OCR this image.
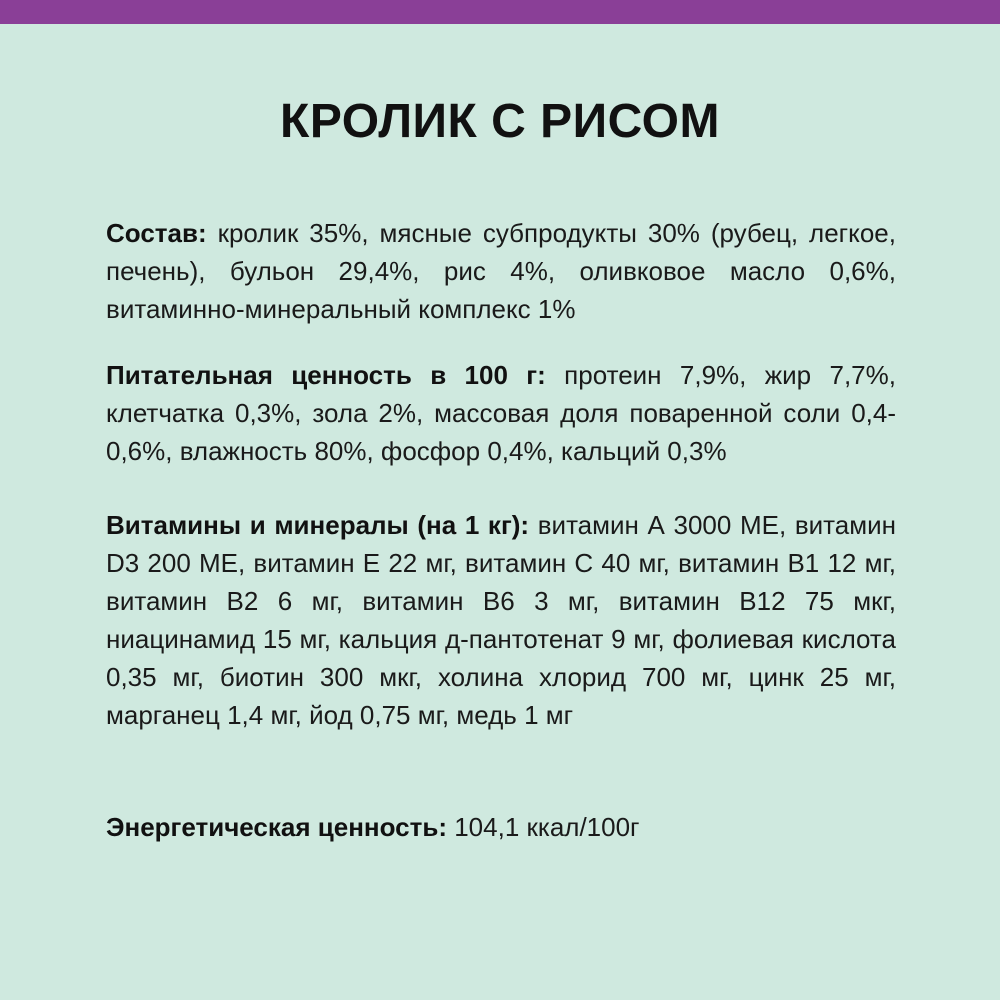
КРОЛИК С РИСОМ

Состав: кролик 35%, мясные субпродукты 30% (рубец, легкое, печень), бульон 29,4%, рис 4%, оливковое масло 0,6%, витаминно-минеральный комплекс 1%

Питательная ценность в 100 г: протеин 7,9%, жир 7,7%, клетчатка 0,3%, зола 2%, массовая доля поваренной соли 0,4-0,6%, влажность 80%, фосфор 0,4%, кальций 0,3%

Витамины и минералы (на 1 кг): витамин А 3000 МЕ, витамин D3 200 МЕ, витамин Е 22 мг, витамин С 40 мг, витамин В1 12 мг, витамин В2 6 мг, витамин В6 3 мг, витамин В12 75 мкг, ниацинамид 15 мг, кальция д-пантотенат 9 мг, фолиевая кислота 0,35 мг, биотин 300 мкг, холина хлорид 700 мг, цинк 25 мг, марганец 1,4 мг, йод 0,75 мг, медь 1 мг

Энергетическая ценность: 104,1 ккал/100г
